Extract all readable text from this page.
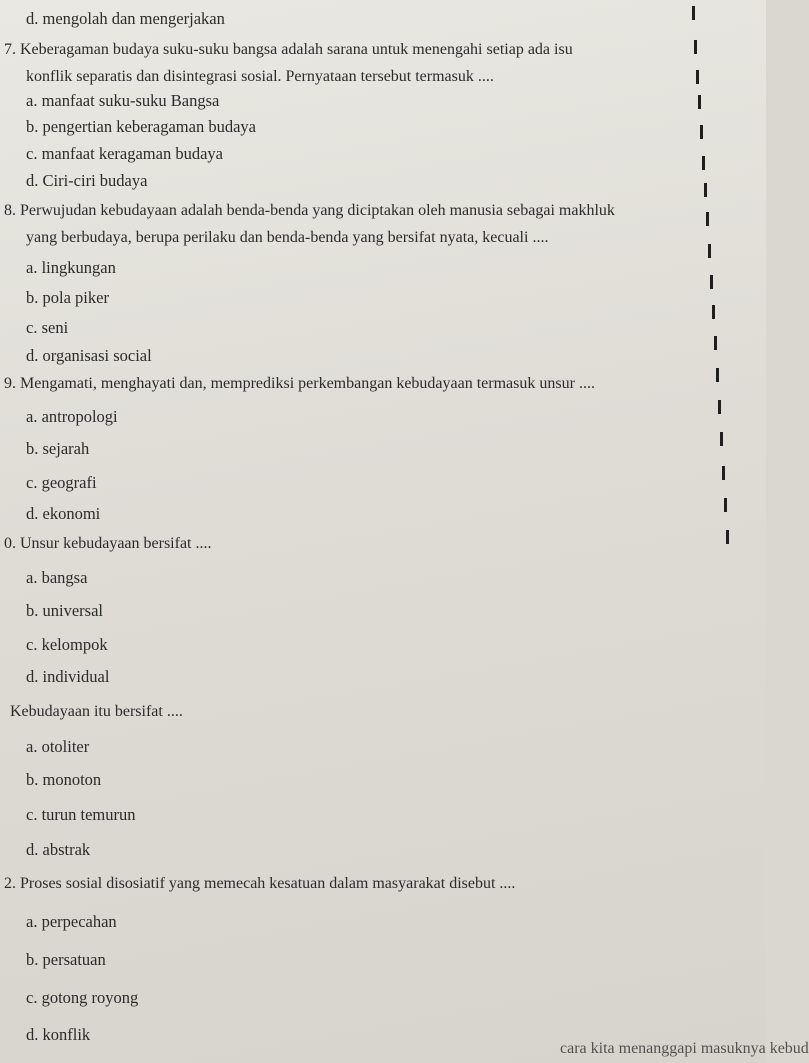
d. mengolah dan mengerjakan
7. Keberagaman budaya suku-suku bangsa adalah sarana untuk menengahi setiap ada isu
konflik separatis dan disintegrasi sosial. Pernyataan tersebut termasuk ....
a. manfaat suku-suku Bangsa
b. pengertian keberagaman budaya
c. manfaat keragaman budaya
d. Ciri-ciri budaya
8. Perwujudan kebudayaan adalah benda-benda yang diciptakan oleh manusia sebagai makhluk
yang berbudaya, berupa perilaku dan benda-benda yang bersifat nyata, kecuali ....
a. lingkungan
b. pola piker
c. seni
d. organisasi social
9. Mengamati, menghayati dan, memprediksi perkembangan kebudayaan termasuk unsur ....
a. antropologi
b. sejarah
c. geografi
d. ekonomi
0. Unsur kebudayaan bersifat ....
a. bangsa
b. universal
c. kelompok
d. individual
Kebudayaan itu bersifat ....
a. otoliter
b. monoton
c. turun temurun
d. abstrak
2. Proses sosial disosiatif yang memecah kesatuan dalam masyarakat disebut ....
a. perpecahan
b. persatuan
c. gotong royong
d. konflik
cara kita menanggapi masuknya kebud
